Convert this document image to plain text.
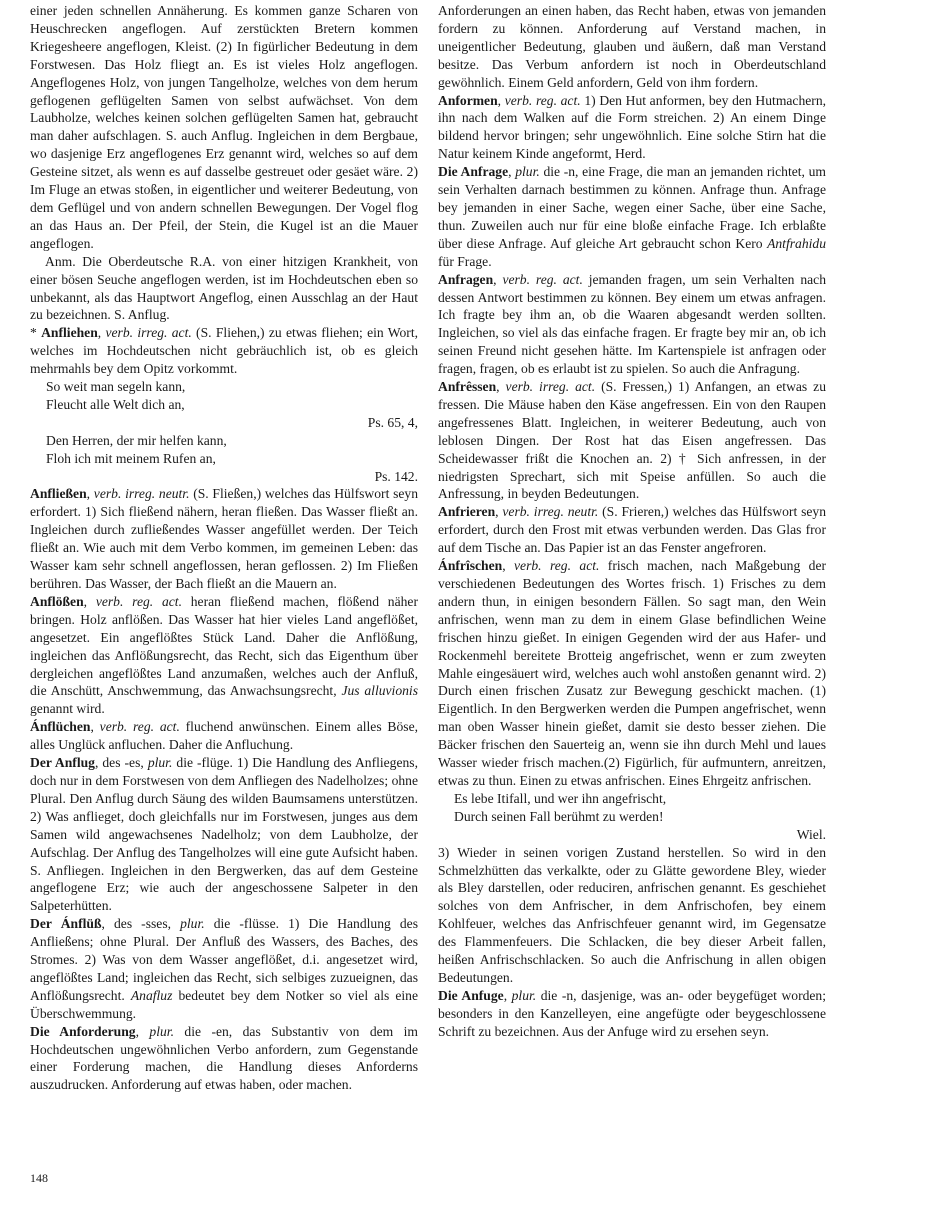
einer jeden schnellen Annäherung. Es kommen ganze Scharen von Heuschrecken angeflogen. Auf zerstückten Bretern kommen Kriegesheere angeflogen, Kleist. (2) In figürlicher Bedeutung in dem Forstwesen. Das Holz fliegt an. Es ist vieles Holz angeflogen. Angeflogenes Holz, von jungen Tangelholze, welches von dem herum geflogenen geflügelten Samen von selbst aufwächset. Von dem Laubholze, welches keinen solchen geflügelten Samen hat, gebraucht man daher aufschlagen. S. auch Anflug. Ingleichen in dem Bergbaue, wo dasjenige Erz angeflogenes Erz genannt wird, welches so auf dem Gesteine sitzet, als wenn es auf dasselbe gestreuet oder gesäet wäre. 2) Im Fluge an etwas stoßen, in eigentlicher und weiterer Bedeutung, von dem Geflügel und von andern schnellen Bewegungen. Der Vogel flog an das Haus an. Der Pfeil, der Stein, die Kugel ist an die Mauer angeflogen.

Anm. Die Oberdeutsche R.A. von einer hitzigen Krankheit, von einer bösen Seuche angeflogen werden, ist im Hochdeutschen eben so unbekannt, als das Hauptwort Angeflog, einen Ausschlag an der Haut zu bezeichnen. S. Anflug.

* Anfliehen, verb. irreg. act. (S. Fliehen,) zu etwas fliehen; ein Wort, welches im Hochdeutschen nicht gebräuchlich ist, ob es gleich mehrmahls bey dem Opitz vorkommt.

So weit man segeln kann,

Fleucht alle Welt dich an,

Ps. 65, 4,

Den Herren, der mir helfen kann,

Floh ich mit meinem Rufen an,

Ps. 142.

Anfließen, verb. irreg. neutr. (S. Fließen,) welches das Hülfswort seyn erfordert. 1) Sich fließend nähern, heran fließen. Das Wasser fließt an. Ingleichen durch zufließendes Wasser angefüllet werden. Der Teich fließt an. Wie auch mit dem Verbo kommen, im gemeinen Leben: das Wasser kam sehr schnell angeflossen, heran geflossen. 2) Im Fließen berühren. Das Wasser, der Bach fließt an die Mauern an.

Anflößen, verb. reg. act. heran fließend machen, flößend näher bringen. Holz anflößen. Das Wasser hat hier vieles Land angeflößet, angesetzet. Ein angeflößtes Stück Land. Daher die Anflößung, ingleichen das Anflößungsrecht, das Recht, sich das Eigenthum über dergleichen angeflößtes Land anzumaßen, welches auch der Anfluß, die Anschütt, Anschwemmung, das Anwachsungsrecht, Jus alluvionis genannt wird.

Ánflüchen, verb. reg. act. fluchend anwünschen. Einem alles Böse, alles Unglück anfluchen. Daher die Anfluchung.

Der Anflug, des -es, plur. die -flüge. 1) Die Handlung des Anfliegens, doch nur in dem Forstwesen von dem Anfliegen des Nadelholzes; ohne Plural. Den Anflug durch Säung des wilden Baumsamens unterstützen. 2) Was anflieget, doch gleichfalls nur im Forstwesen, junges aus dem Samen wild angewachsenes Nadelholz; von dem Laubholze, der Aufschlag. Der Anflug des Tangelholzes will eine gute Aufsicht haben. S. Anfliegen. Ingleichen in den Bergwerken, das auf dem Gesteine angeflogene Erz; wie auch der angeschossene Salpeter in den Salpeterhütten.

Der Ánflüß, des -sses, plur. die -flüsse. 1) Die Handlung des Anfließens; ohne Plural. Der Anfluß des Wassers, des Baches, des Stromes. 2) Was von dem Wasser angeflößet, d.i. angesetzet wird, angeflößtes Land; ingleichen das Recht, sich selbiges zuzueignen, das Anflößungsrecht. Anafluz bedeutet bey dem Notker so viel als eine Überschwemmung.

Die Anforderung, plur. die -en, das Substantiv von dem im Hochdeutschen ungewöhnlichen Verbo anfordern, zum Gegenstande einer Forderung machen, die Handlung dieses Anforderns auszudrucken. Anforderung auf etwas haben, oder machen.

Anforderungen an einen haben, das Recht haben, etwas von jemanden fordern zu können. Anforderung auf Verstand machen, in uneigentlicher Bedeutung, glauben und äußern, daß man Verstand besitze. Das Verbum anfordern ist noch in Oberdeutschland gewöhnlich. Einem Geld anfordern, Geld von ihm fordern.

Anformen, verb. reg. act. 1) Den Hut anformen, bey den Hutmachern, ihn nach dem Walken auf die Form streichen. 2) An einem Dinge bildend hervor bringen; sehr ungewöhnlich. Eine solche Stirn hat die Natur keinem Kinde angeformt, Herd.

Die Anfrage, plur. die -n, eine Frage, die man an jemanden richtet, um sein Verhalten darnach bestimmen zu können. Anfrage thun. Anfrage bey jemanden in einer Sache, wegen einer Sache, über eine Sache, thun. Zuweilen auch nur für eine bloße einfache Frage. Ich erblaßte über diese Anfrage. Auf gleiche Art gebraucht schon Kero Antfrahidu für Frage.

Anfragen, verb. reg. act. jemanden fragen, um sein Verhalten nach dessen Antwort bestimmen zu können. Bey einem um etwas anfragen. Ich fragte bey ihm an, ob die Waaren abgesandt werden sollten. Ingleichen, so viel als das einfache fragen. Er fragte bey mir an, ob ich seinen Freund nicht gesehen hätte. Im Kartenspiele ist anfragen oder fragen, fragen, ob es erlaubt ist zu spielen. So auch die Anfragung.

Anfrêssen, verb. irreg. act. (S. Fressen,) 1) Anfangen, an etwas zu fressen. Die Mäuse haben den Käse angefressen. Ein von den Raupen angefressenes Blatt. Ingleichen, in weiterer Bedeutung, auch von leblosen Dingen. Der Rost hat das Eisen angefressen. Das Scheidewasser frißt die Knochen an. 2) † Sich anfressen, in der niedrigsten Sprechart, sich mit Speise anfüllen. So auch die Anfressung, in beyden Bedeutungen.

Anfrieren, verb. irreg. neutr. (S. Frieren,) welches das Hülfswort seyn erfordert, durch den Frost mit etwas verbunden werden. Das Glas fror auf dem Tische an. Das Papier ist an das Fenster angefroren.

Ánfrîschen, verb. reg. act. frisch machen, nach Maßgebung der verschiedenen Bedeutungen des Wortes frisch. 1) Frisches zu dem andern thun, in einigen besondern Fällen. So sagt man, den Wein anfrischen, wenn man zu dem in einem Glase befindlichen Weine frischen hinzu gießet. In einigen Gegenden wird der aus Hafer- und Rockenmehl bereitete Brotteig angefrischet, wenn er zum zweyten Mahle eingesäuert wird, welches auch wohl anstoßen genannt wird. 2) Durch einen frischen Zusatz zur Bewegung geschickt machen. (1) Eigentlich. In den Bergwerken werden die Pumpen angefrischet, wenn man oben Wasser hinein gießet, damit sie desto besser ziehen. Die Bäcker frischen den Sauerteig an, wenn sie ihn durch Mehl und laues Wasser wieder frisch machen.(2) Figürlich, für aufmuntern, anreitzen, etwas zu thun. Einen zu etwas anfrischen. Eines Ehrgeitz anfrischen.

Es lebe Itifall, und wer ihn angefrischt,

Durch seinen Fall berühmt zu werden!

Wiel.

3) Wieder in seinen vorigen Zustand herstellen. So wird in den Schmelzhütten das verkalkte, oder zu Glätte gewordene Bley, wieder als Bley darstellen, oder reduciren, anfrischen genannt. Es geschiehet solches von dem Anfrischer, in dem Anfrischofen, bey einem Kohlfeuer, welches das Anfrischfeuer genannt wird, im Gegensatze des Flammenfeuers. Die Schlacken, die bey dieser Arbeit fallen, heißen Anfrischschlacken. So auch die Anfrischung in allen obigen Bedeutungen.

Die Anfuge, plur. die -n, dasjenige, was an- oder beygefüget worden; besonders in den Kanzelleyen, eine angefügte oder beygeschlossene Schrift zu bezeichnen. Aus der Anfuge wird zu ersehen seyn.

148
